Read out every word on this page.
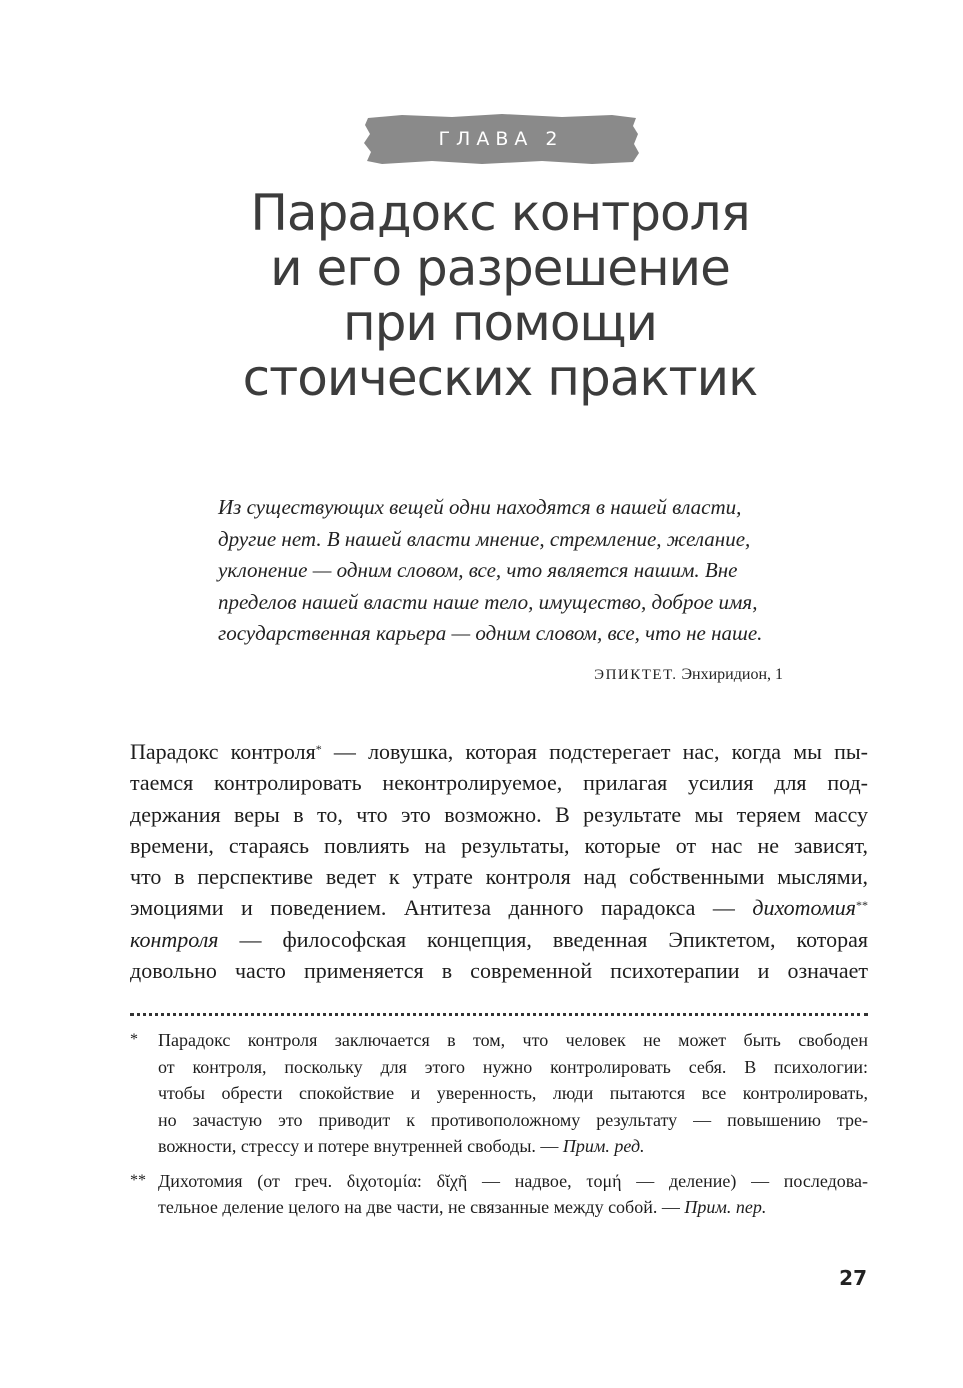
ГЛАВА 2
Парадокс контроля
и его разрешение
при помощи
стоических практик

Из существующих вещей одни находятся в нашей власти,
другие нет. В нашей власти мнение, стремление, желание,
уклонение — одним словом, все, что является нашим. Вне
пределов нашей власти наше тело, имущество, доброе имя,
государственная карьера — одним словом, все, что не наше.

ЭПИКТЕТ. Энхиридион, 1
Парадокс контроля* — ловушка, которая подстерегает нас, когда мы пы-
таемся контролировать неконтролируемое, прилагая усилия для под-
держания веры в то, что это возможно. В результате мы теряем массу
времени, стараясь повлиять на результаты, которые от нас не зависят,
что в перспективе ведет к утрате контроля над собственными мыслями,
эмоциями и поведением. Антитеза данного парадокса — дихотомия**
контроля — философская концепция, введенная Эпиктетом, которая
довольно часто применяется в современной психотерапии и означает
* Парадокс контроля заключается в том, что человек не может быть свободен
от контроля, поскольку для этого нужно контролировать себя. В психологии:
чтобы обрести спокойствие и уверенность, люди пытаются все контролировать,
но зачастую это приводит к противоположному результату — повышению тре-
вожности, стрессу и потере внутренней свободы. — Прим. ред.
** Дихотомия (от греч. διχοτομία: δῐχῆ — надвое, τομή — деление) — последова-
тельное деление целого на две части, не связанные между собой. — Прим. пер.
27
